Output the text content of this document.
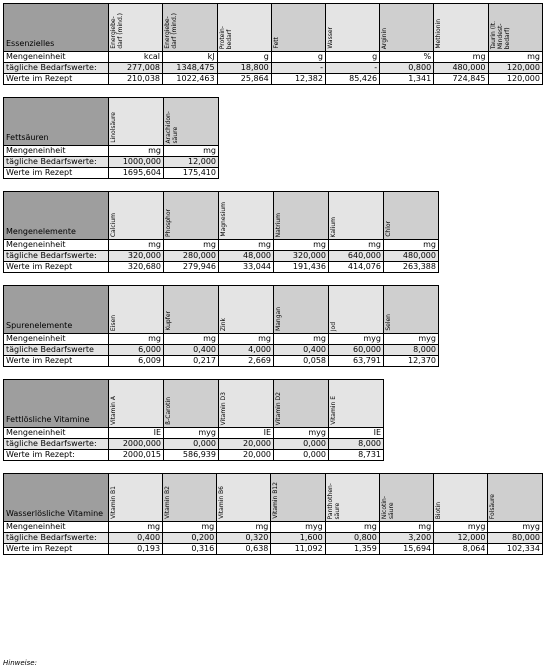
Essenzielles	Energiebe-
darf (mind.)	Energiebe-
darf (mind.)	Protein-
bedarf	Fett	Wasser	Arginin	Methionin	Taurin (lt.
Mindest-
bedarf)

Mengeneinheit	kcal	kJ	g	g	g	%	mg	mg
tägliche Bedarfswerte:	277,008	1348,475	18,800	-	-	0,800	480,000	120,000
Werte im Rezept	210,038	1022,463	25,864	12,382	85,426	1,341	724,845	120,000
Fettsäuren	Linolsäure	Arachidon-
säure

Mengeneinheit	mg	mg
tägliche Bedarfswerte:	1000,000	12,000
Werte im Rezept	1695,604	175,410
Mengenelemente	Calcium	Phosphor	Magnesium	Natrium	Kalium	Chlor

Mengeneinheit	mg	mg	mg	mg	mg	mg
tägliche Bedarfswerte:	320,000	280,000	48,000	320,000	640,000	480,000
Werte im Rezept	320,680	279,946	33,044	191,436	414,076	263,388
Spurenelemente	Eisen	Kupfer	Zink	Mangan	Jod	Selen

Mengeneinheit	mg	mg	mg	mg	myg	myg
tägliche Bedarfswerte	6,000	0,400	4,000	0,400	60,000	8,000
Werte im Rezept	6,009	0,217	2,669	0,058	63,791	12,370
Fettlösliche Vitamine	Vitamin A	ß-Carotin	Vitamin D3	Vitamin D2	Vitamin E

Mengeneinheit	IE	myg	IE	myg	IE
tägliche Bedarfswerte:	2000,000	0,000	20,000	0,000	8,000
Werte im Rezept:	2000,015	586,939	20,000	0,000	8,731
Wasserlösliche Vitamine	Vitamin B1	Vitamin B2	Vitamin B6	Vitamin B12	Panthothen-
säure	Nicotin-
säure	Biotin	Folsäure

Mengeneinheit	mg	mg	mg	myg	mg	mg	myg	myg
tägliche Bedarfswerte:	0,400	0,200	0,320	1,600	0,800	3,200	12,000	80,000
Werte im Rezept	0,193	0,316	0,638	11,092	1,359	15,694	8,064	102,334
Hinweise:
